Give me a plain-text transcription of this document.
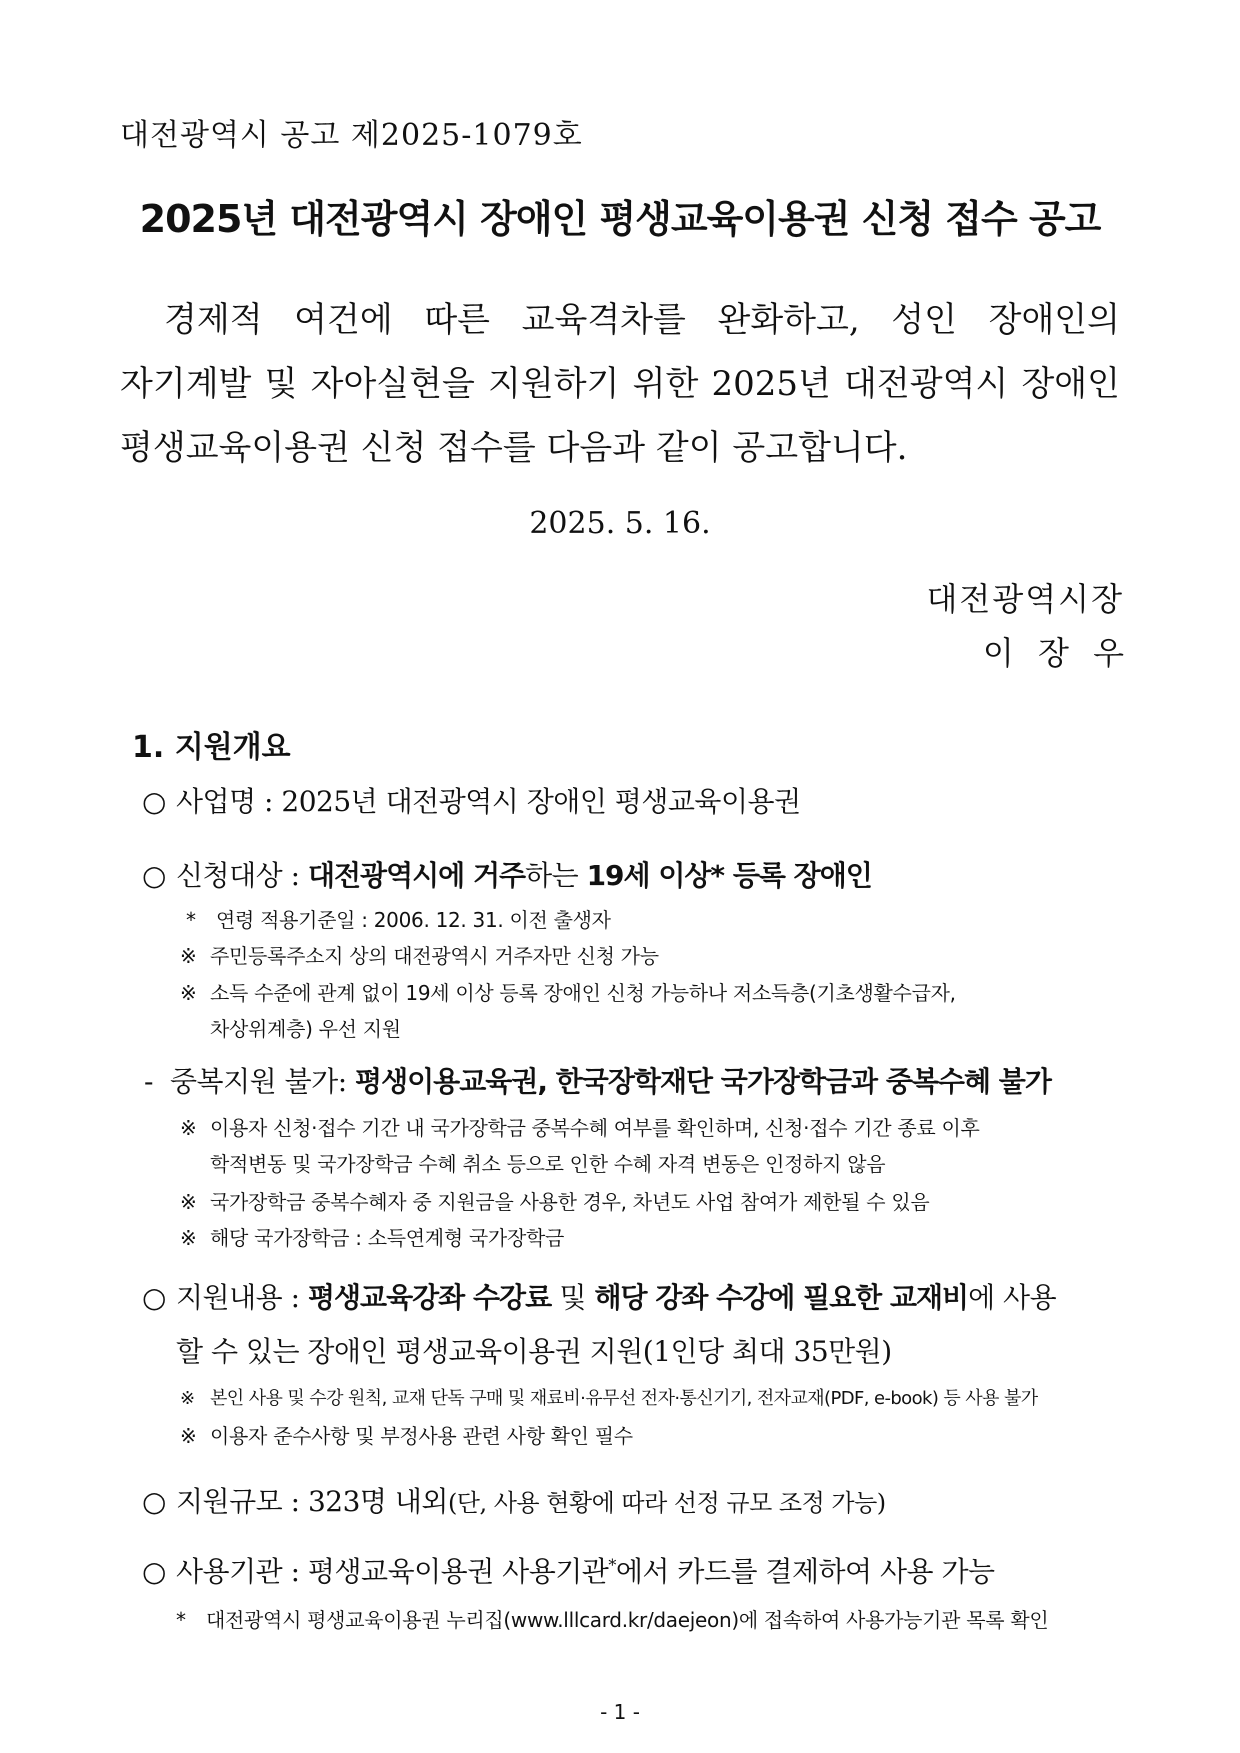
대전광역시 공고 제2025-1079호
2025년 대전광역시 장애인 평생교육이용권 신청 접수 공고
경제적 여건에 따른 교육격차를 완화하고, 성인 장애인의
자기계발 및 자아실현을 지원하기 위한 2025년 대전광역시 장애인
평생교육이용권 신청 접수를 다음과 같이 공고합니다.
2025. 5. 16.
대전광역시장
이 장 우
1. 지원개요
○ 사업명 : 2025년 대전광역시 장애인 평생교육이용권
○ 신청대상 : 대전광역시에 거주하는 19세 이상* 등록 장애인
* 연령 적용기준일 : 2006. 12. 31. 이전 출생자
※ 주민등록주소지 상의 대전광역시 거주자만 신청 가능
※ 소득 수준에 관계 없이 19세 이상 등록 장애인 신청 가능하나 저소득층(기초생활수급자,
차상위계층) 우선 지원
- 중복지원 불가: 평생이용교육권, 한국장학재단 국가장학금과 중복수혜 불가
※ 이용자 신청·접수 기간 내 국가장학금 중복수혜 여부를 확인하며, 신청·접수 기간 종료 이후
학적변동 및 국가장학금 수혜 취소 등으로 인한 수혜 자격 변동은 인정하지 않음
※ 국가장학금 중복수혜자 중 지원금을 사용한 경우, 차년도 사업 참여가 제한될 수 있음
※ 해당 국가장학금 : 소득연계형 국가장학금
○ 지원내용 : 평생교육강좌 수강료 및 해당 강좌 수강에 필요한 교재비에 사용
할 수 있는 장애인 평생교육이용권 지원(1인당 최대 35만원)
※ 본인 사용 및 수강 원칙, 교재 단독 구매 및 재료비·유무선 전자·통신기기, 전자교재(PDF, e-book) 등 사용 불가
※ 이용자 준수사항 및 부정사용 관련 사항 확인 필수
○ 지원규모 : 323명 내외(단, 사용 현황에 따라 선정 규모 조정 가능)
○ 사용기관 : 평생교육이용권 사용기관*에서 카드를 결제하여 사용 가능
* 대전광역시 평생교육이용권 누리집(www.lllcard.kr/daejeon)에 접속하여 사용가능기관 목록 확인
- 1 -
